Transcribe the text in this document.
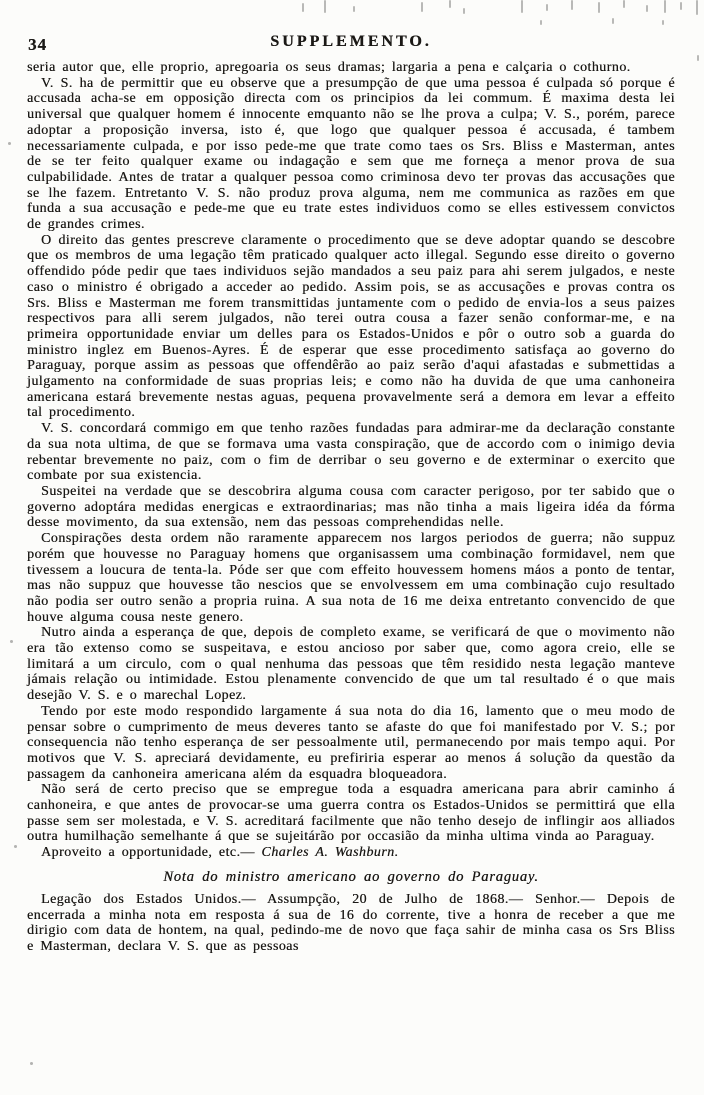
34	SUPPLEMENTO.

seria autor que, elle proprio, apregoaria os seus dramas; largaria a pena e calçaria o cothurno.

V. S. ha de permittir que eu observe que a presumpção de que uma pessoa é culpada só porque é accusada acha-se em opposição directa com os principios da lei commum. É maxima desta lei universal que qualquer homem é innocente emquanto não se lhe prova a culpa; V. S., porém, parece adoptar a proposição inversa, isto é, que logo que qualquer pessoa é accusada, é tambem necessariamente culpada, e por isso pede-me que trate como taes os Srs. Bliss e Masterman, antes de se ter feito qualquer exame ou indagação e sem que me forneça a menor prova de sua culpabilidade. Antes de tratar a qualquer pessoa como criminosa devo ter provas das accusações que se lhe fazem. Entretanto V. S. não produz prova alguma, nem me communica as razões em que funda a sua accusação e pede-me que eu trate estes individuos como se elles estivessem convictos de grandes crimes.

O direito das gentes prescreve claramente o procedimento que se deve adoptar quando se descobre que os membros de uma legação têm praticado qualquer acto illegal. Segundo esse direito o governo offendido póde pedir que taes individuos sejão mandados a seu paiz para ahi serem julgados, e neste caso o ministro é obrigado a acceder ao pedido. Assim pois, se as accusações e provas contra os Srs. Bliss e Masterman me forem transmittidas juntamente com o pedido de envia-los a seus paizes respectivos para alli serem julgados, não terei outra cousa a fazer senão conformar-me, e na primeira opportunidade enviar um delles para os Estados-Unidos e pôr o outro sob a guarda do ministro inglez em Buenos-Ayres. É de esperar que esse procedimento satisfaça ao governo do Paraguay, porque assim as pessoas que offendêrão ao paiz serão d'aqui afastadas e submettidas a julgamento na conformidade de suas proprias leis; e como não ha duvida de que uma canhoneira americana estará brevemente nestas aguas, pequena provavelmente será a demora em levar a effeito tal procedimento.

V. S. concordará commigo em que tenho razões fundadas para admirar-me da declaração constante da sua nota ultima, de que se formava uma vasta conspiração, que de accordo com o inimigo devia rebentar brevemente no paiz, com o fim de derribar o seu governo e de exterminar o exercito que combate por sua existencia.

Suspeitei na verdade que se descobrira alguma cousa com caracter perigoso, por ter sabido que o governo adoptára medidas energicas e extraordinarias; mas não tinha a mais ligeira idéa da fórma desse movimento, da sua extensão, nem das pessoas comprehendidas nelle.

Conspirações desta ordem não raramente apparecem nos largos periodos de guerra; não suppuz porém que houvesse no Paraguay homens que organisassem uma combinação formidavel, nem que tivessem a loucura de tenta-la. Póde ser que com effeito houvessem homens máos a ponto de tentar, mas não suppuz que houvesse tão nescios que se envolvessem em uma combinação cujo resultado não podia ser outro senão a propria ruina. A sua nota de 16 me deixa entretanto convencido de que houve alguma cousa neste genero.

Nutro ainda a esperança de que, depois de completo exame, se verificará de que o movimento não era tão extenso como se suspeitava, e estou ancioso por saber que, como agora creio, elle se limitará a um circulo, com o qual nenhuma das pessoas que têm residido nesta legação manteve jámais relação ou intimidade. Estou plenamente convencido de que um tal resultado é o que mais desejão V. S. e o marechal Lopez.

Tendo por este modo respondido largamente á sua nota do dia 16, lamento que o meu modo de pensar sobre o cumprimento de meus deveres tanto se afaste do que foi manifestado por V. S.; por consequencia não tenho esperança de ser pessoalmente util, permanecendo por mais tempo aqui. Por motivos que V. S. apreciará devidamente, eu prefiriria esperar ao menos á solução da questão da passagem da canhoneira americana além da esquadra bloqueadora.

Não será de certo preciso que se empregue toda a esquadra americana para abrir caminho á canhoneira, e que antes de provocar-se uma guerra contra os Estados-Unidos se permittirá que ella passe sem ser molestada, e V. S. acreditará facilmente que não tenho desejo de inflingir aos alliados outra humilhação semelhante á que se sujeitárão por occasião da minha ultima vinda ao Paraguay.

Aproveito a opportunidade, etc.— Charles A. Washburn.

Nota do ministro americano ao governo do Paraguay.

Legação dos Estados Unidos.— Assumpção, 20 de Julho de 1868.— Senhor.— Depois de encerrada a minha nota em resposta á sua de 16 do corrente, tive a honra de receber a que me dirigio com data de hontem, na qual, pedindo-me de novo que faça sahir de minha casa os Srs Bliss e Masterman, declara V. S. que as pessoas
